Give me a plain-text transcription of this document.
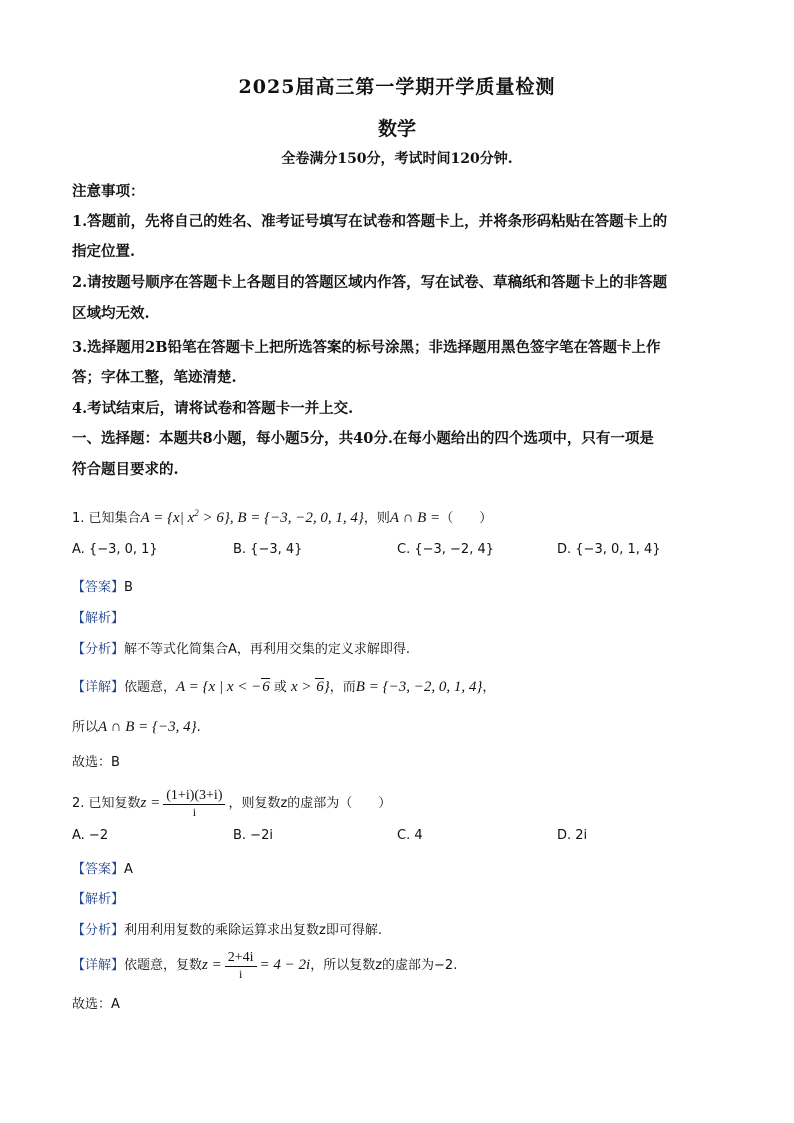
2025届高三第一学期开学质量检测
数学
全卷满分150分，考试时间120分钟.
注意事项：
1.答题前，先将自己的姓名、准考证号填写在试卷和答题卡上，并将条形码粘贴在答题卡上的
指定位置.
2.请按题号顺序在答题卡上各题目的答题区域内作答，写在试卷、草稿纸和答题卡上的非答题
区域均无效.
3.选择题用2B铅笔在答题卡上把所选答案的标号涂黑；非选择题用黑色签字笔在答题卡上作
答；字体工整，笔迹清楚.
4.考试结束后，请将试卷和答题卡一并上交.
一、选择题：本题共8小题，每小题5分，共40分.在每小题给出的四个选项中，只有一项是
符合题目要求的.
1. 已知集合A = {x| $x^2 > 6$}, B = {−3, −2, 0, 1, 4}，则A ∩ B =（　　）
A. {−3, 0, 1}	B. {−3, 4}	C. {−3, −2, 4}	D. {−3, 0, 1, 4}
【答案】B
【解析】
【分析】解不等式化简集合A，再利用交集的定义求解即得.
【详解】依题意，A = {x | x < −6 或 x > 6}，而B = {−3, −2, 0, 1, 4}，
所以A ∩ B = {−3, 4}.
故选：B
2. 已知复数$z = \frac{(1+i)(3+i)}{i}$ ，则复数z的虚部为（　　）
A. −2	B. −2i	C. 4	D. 2i
【答案】A
【解析】
【分析】利用利用复数的乘除运算求出复数z即可得解.
【详解】依题意，复数$z = \frac{2+4i}{i} = 4 - 2i$，所以复数z的虚部为−2.
故选：A
